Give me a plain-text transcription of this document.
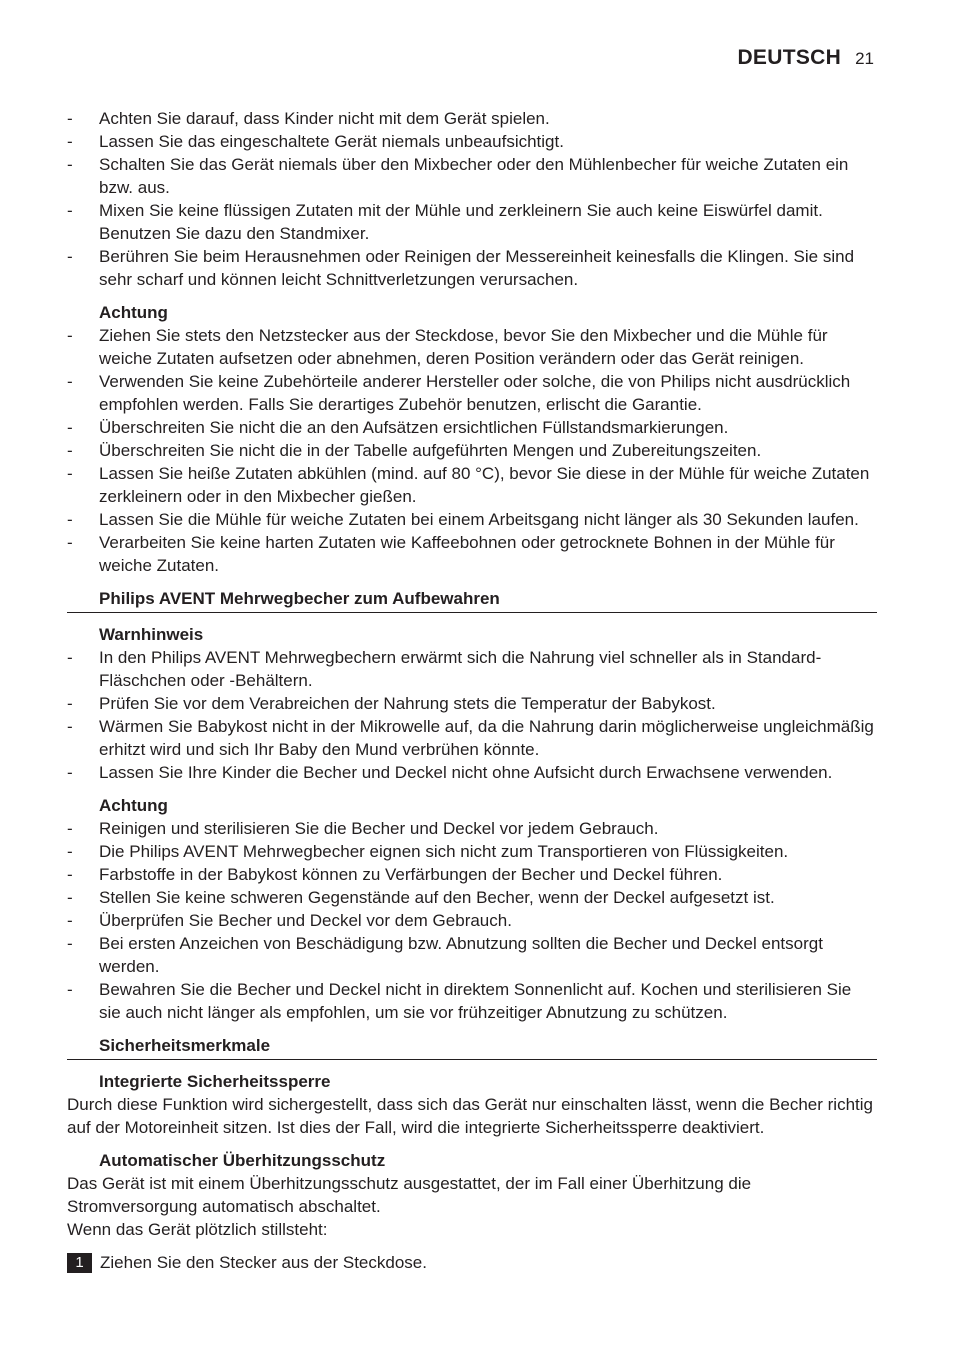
DEUTSCH 21
- Achten Sie darauf, dass Kinder nicht mit dem Gerät spielen.
- Lassen Sie das eingeschaltete Gerät niemals unbeaufsichtigt.
- Schalten Sie das Gerät niemals über den Mixbecher oder den Mühlenbecher für weiche Zutaten ein bzw. aus.
- Mixen Sie keine flüssigen Zutaten mit der Mühle und zerkleinern Sie auch keine Eiswürfel damit. Benutzen Sie dazu den Standmixer.
- Berühren Sie beim Herausnehmen oder Reinigen der Messereinheit keinesfalls die Klingen. Sie sind sehr scharf und können leicht Schnittverletzungen verursachen.
Achtung
- Ziehen Sie stets den Netzstecker aus der Steckdose, bevor Sie den Mixbecher und die Mühle für weiche Zutaten aufsetzen oder abnehmen, deren Position verändern oder das Gerät reinigen.
- Verwenden Sie keine Zubehörteile anderer Hersteller oder solche, die von Philips nicht ausdrücklich empfohlen werden. Falls Sie derartiges Zubehör benutzen, erlischt die Garantie.
- Überschreiten Sie nicht die an den Aufsätzen ersichtlichen Füllstandsmarkierungen.
- Überschreiten Sie nicht die in der Tabelle aufgeführten Mengen und Zubereitungszeiten.
- Lassen Sie heiße Zutaten abkühlen (mind. auf 80 °C), bevor Sie diese in der Mühle für weiche Zutaten zerkleinern oder in den Mixbecher gießen.
- Lassen Sie die Mühle für weiche Zutaten bei einem Arbeitsgang nicht länger als 30 Sekunden laufen.
- Verarbeiten Sie keine harten Zutaten wie Kaffeebohnen oder getrocknete Bohnen in der Mühle für weiche Zutaten.
Philips AVENT Mehrwegbecher zum Aufbewahren
Warnhinweis
- In den Philips AVENT Mehrwegbechern erwärmt sich die Nahrung viel schneller als in Standard-Fläschchen oder -Behältern.
- Prüfen Sie vor dem Verabreichen der Nahrung stets die Temperatur der Babykost.
- Wärmen Sie Babykost nicht in der Mikrowelle auf, da die Nahrung darin möglicherweise ungleichmäßig erhitzt wird und sich Ihr Baby den Mund verbrühen könnte.
- Lassen Sie Ihre Kinder die Becher und Deckel nicht ohne Aufsicht durch Erwachsene verwenden.
Achtung
- Reinigen und sterilisieren Sie die Becher und Deckel vor jedem Gebrauch.
- Die Philips AVENT Mehrwegbecher eignen sich nicht zum Transportieren von Flüssigkeiten.
- Farbstoffe in der Babykost können zu Verfärbungen der Becher und Deckel führen.
- Stellen Sie keine schweren Gegenstände auf den Becher, wenn der Deckel aufgesetzt ist.
- Überprüfen Sie Becher und Deckel vor dem Gebrauch.
- Bei ersten Anzeichen von Beschädigung bzw. Abnutzung sollten die Becher und Deckel entsorgt werden.
- Bewahren Sie die Becher und Deckel nicht in direktem Sonnenlicht auf. Kochen und sterilisieren Sie sie auch nicht länger als empfohlen, um sie vor frühzeitiger Abnutzung zu schützen.
Sicherheitsmerkmale
Integrierte Sicherheitssperre

Durch diese Funktion wird sichergestellt, dass sich das Gerät nur einschalten lässt, wenn die Becher richtig auf der Motoreinheit sitzen. Ist dies der Fall, wird die integrierte Sicherheitssperre deaktiviert.

Automatischer Überhitzungsschutz

Das Gerät ist mit einem Überhitzungsschutz ausgestattet, der im Fall einer Überhitzung die Stromversorgung automatisch abschaltet.

Wenn das Gerät plötzlich stillsteht:

1 Ziehen Sie den Stecker aus der Steckdose.
